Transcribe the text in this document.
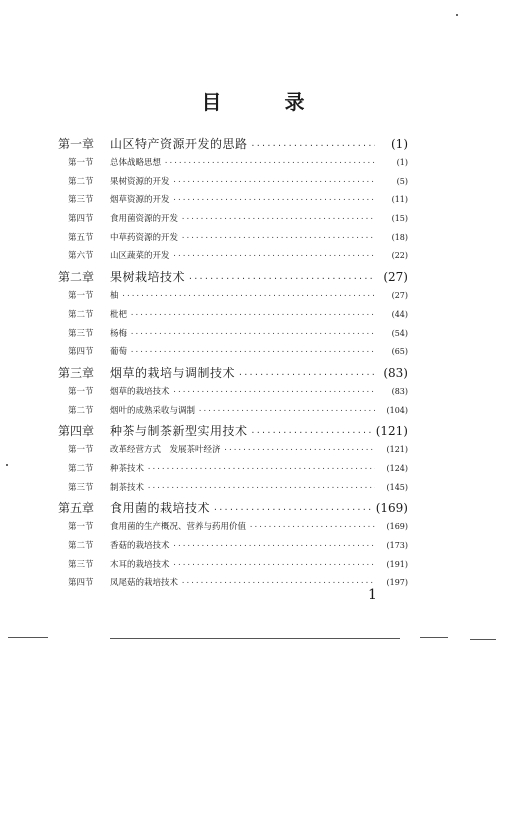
目 录
第一章	山区特产资源开发的思路 ·····	(1)
第一节	总体战略思想 ·····	(1)
第二节	果树资源的开发 ·····	(5)
第三节	烟草资源的开发 ·····	(11)
第四节	食用菌资源的开发 ·····	(15)
第五节	中草药资源的开发 ·····	(18)
第六节	山区蔬菜的开发 ·····	(22)
第二章	果树栽培技术 ·····	(27)
第一节	柚 ·····	(27)
第二节	枇杷 ·····	(44)
第三节	杨梅 ·····	(54)
第四节	葡萄 ·····	(65)
第三章	烟草的栽培与调制技术 ·····	(83)
第一节	烟草的栽培技术 ·····	(83)
第二节	烟叶的成熟采收与调制 ·····	(104)
第四章	种茶与制茶新型实用技术 ·····	(121)
第一节	改革经营方式　发展茶叶经济 ·····	(121)
第二节	种茶技术 ·····	(124)
第三节	制茶技术 ·····	(145)
第五章	食用菌的栽培技术 ·····	(169)
第一节	食用菌的生产概况、营养与药用价值 ·····	(169)
第二节	香菇的栽培技术 ·····	(173)
第三节	木耳的栽培技术 ·····	(191)
第四节	凤尾菇的栽培技术 ·····	(197)
1
